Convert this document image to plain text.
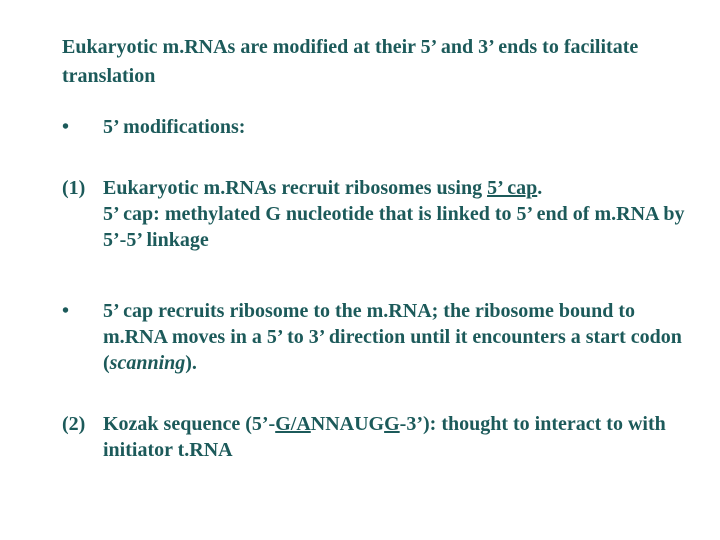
Eukaryotic m.RNAs are modified at their 5’ and 3’ ends to facilitate translation
• 5’ modifications:
(1) Eukaryotic m.RNAs recruit ribosomes using 5’ cap.
5’ cap: methylated G nucleotide that is linked to 5’ end of m.RNA by 5’-5’ linkage
• 5’ cap recruits ribosome to the m.RNA; the ribosome bound to m.RNA moves in a 5’ to 3’ direction until it encounters a start codon (scanning).
(2) Kozak sequence (5’-G/ANNAUGG-3’): thought to interact to with initiator t.RNA
